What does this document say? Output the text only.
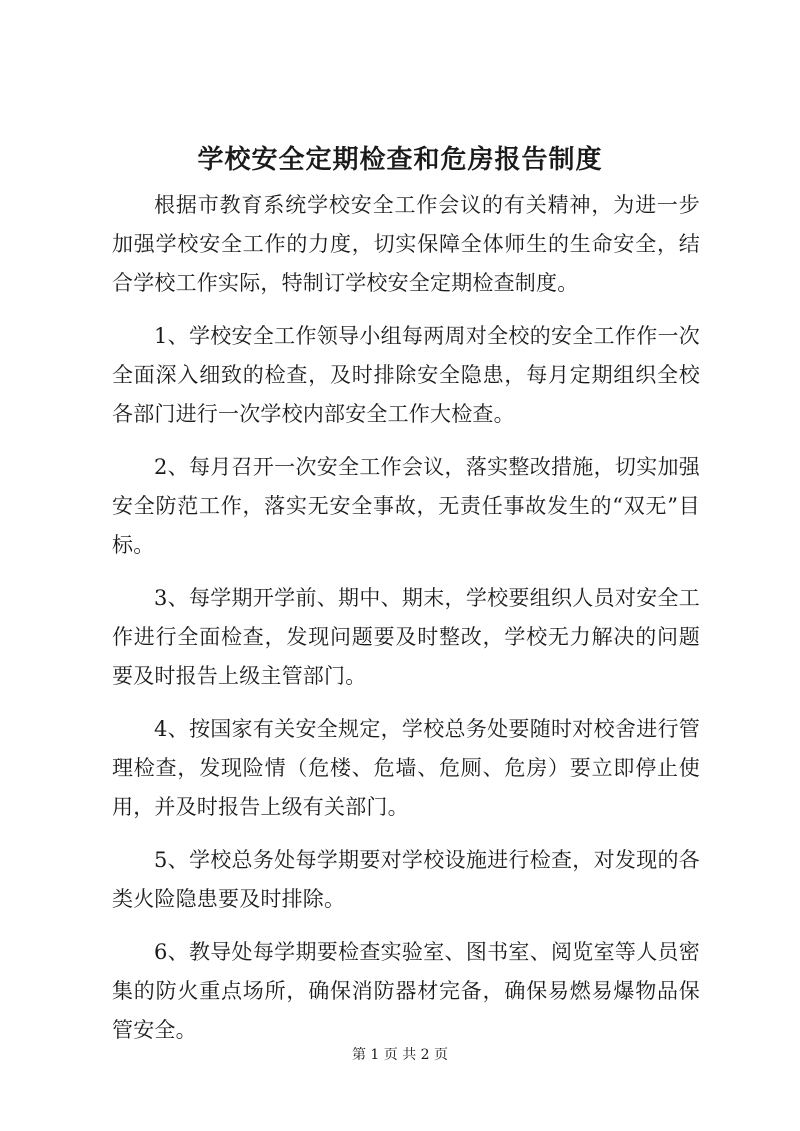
学校安全定期检查和危房报告制度

根据市教育系统学校安全工作会议的有关精神，为进一步加强学校安全工作的力度，切实保障全体师生的生命安全，结合学校工作实际，特制订学校安全定期检查制度。

1、学校安全工作领导小组每两周对全校的安全工作作一次全面深入细致的检查，及时排除安全隐患，每月定期组织全校各部门进行一次学校内部安全工作大检查。

2、每月召开一次安全工作会议，落实整改措施，切实加强安全防范工作，落实无安全事故，无责任事故发生的“双无”目标。

3、每学期开学前、期中、期末，学校要组织人员对安全工作进行全面检查，发现问题要及时整改，学校无力解决的问题要及时报告上级主管部门。

4、按国家有关安全规定，学校总务处要随时对校舍进行管理检查，发现险情（危楼、危墙、危厕、危房）要立即停止使用，并及时报告上级有关部门。

5、学校总务处每学期要对学校设施进行检查，对发现的各类火险隐患要及时排除。

6、教导处每学期要检查实验室、图书室、阅览室等人员密集的防火重点场所，确保消防器材完备，确保易燃易爆物品保管安全。

第 1 页 共 2 页
